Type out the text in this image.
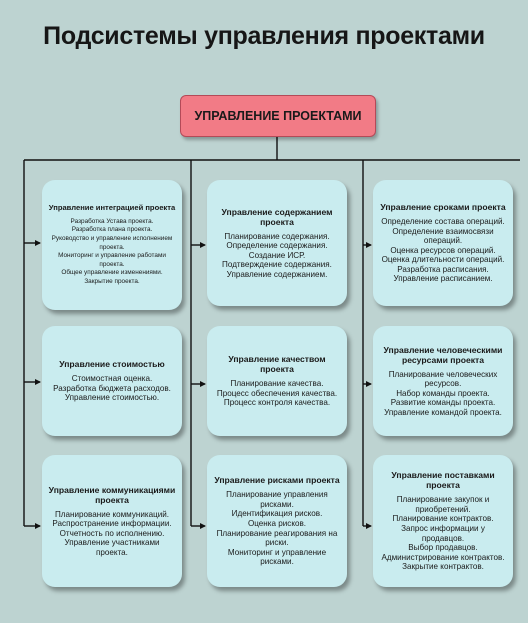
Подсистемы управления проектами
УПРАВЛЕНИЕ ПРОЕКТАМИ
Управление интеграцией проекта
Разработка Устава проекта.
Разработка плана проекта.
Руководство и управление исполнением проекта.
Мониторинг и управление работами проекта.
Общее управление изменениями.
Закрытие проекта.
Управление содержанием проекта
Планирование содержания.
Определение содержания.
Создание ИСР.
Подтверждение содержания.
Управление содержанием.
Управление сроками проекта
Определение состава операций.
Определение взаимосвязи операций.
Оценка ресурсов операций.
Оценка длительности операций.
Разработка расписания.
Управление расписанием.
Управление стоимостью
Стоимостная оценка.
Разработка бюджета расходов.
Управление стоимостью.
Управление качеством проекта
Планирование качества.
Процесс обеспечения качества.
Процесс контроля качества.
Управление человеческими ресурсами проекта
Планирование человеческих ресурсов.
Набор команды проекта.
Развитие команды проекта.
Управление командой проекта.
Управление коммуникациями проекта
Планирование коммуникаций.
Распространение информации.
Отчетность по исполнению.
Управление участниками проекта.
Управление рисками проекта
Планирование управления рисками.
Идентификация рисков.
Оценка рисков.
Планирование реагирования на риски.
Мониторинг и управление рисками.
Управление поставками проекта
Планирование закупок и приобретений.
Планирование контрактов.
Запрос информации у продавцов.
Выбор продавцов.
Администрирование контрактов.
Закрытие контрактов.
